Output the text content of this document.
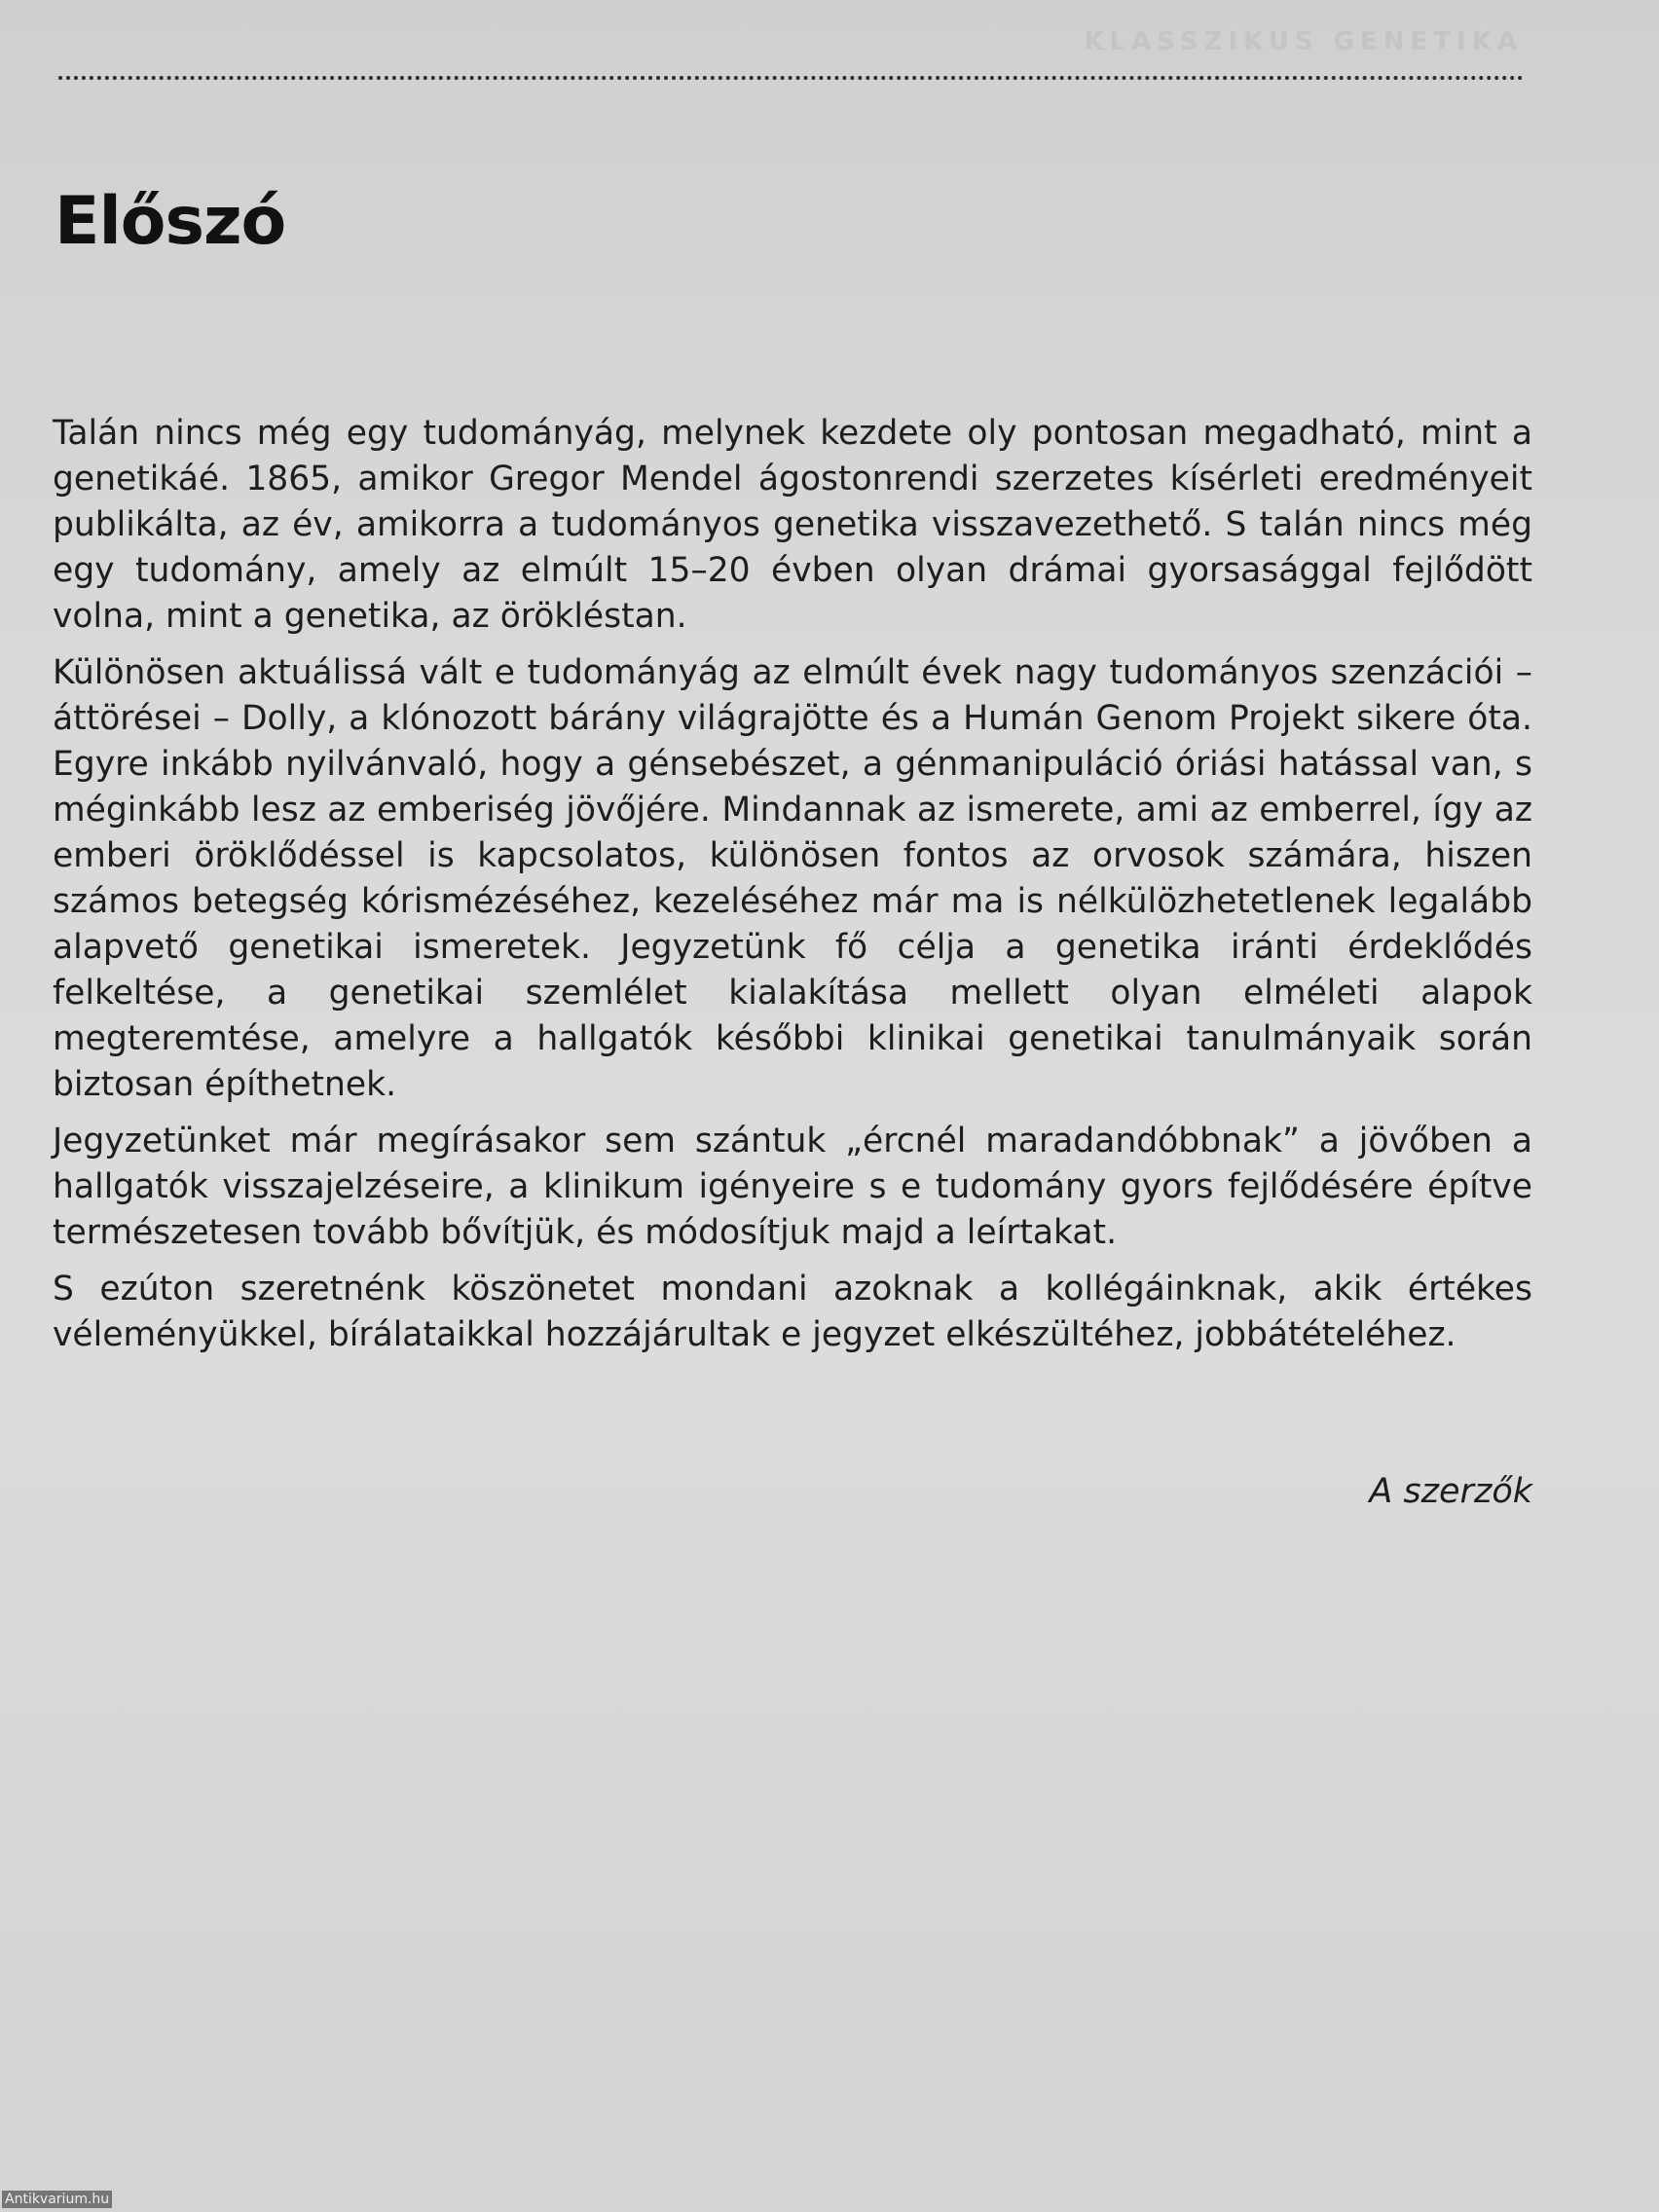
KLASSZIKUS GENETIKA
Előszó

Talán nincs még egy tudományág, melynek kezdete oly pontosan megadható, mint a genetikáé. 1865, amikor Gregor Mendel ágostonrendi szerzetes kísérleti eredményeit publikálta, az év, amikorra a tudományos genetika visszavezethető. S talán nincs még egy tudomány, amely az elmúlt 15–20 évben olyan drámai gyorsasággal fejlődött volna, mint a genetika, az örökléstan.

Különösen aktuálissá vált e tudományág az elmúlt évek nagy tudományos szenzációi – áttörései – Dolly, a klónozott bárány világrajötte és a Humán Genom Projekt sikere óta. Egyre inkább nyilvánvaló, hogy a génsebészet, a génmanipuláció óriási hatással van, s méginkább lesz az emberiség jövőjére. Mindannak az ismerete, ami az emberrel, így az emberi öröklődéssel is kapcsolatos, különösen fontos az orvosok számára, hiszen számos betegség kórismézéséhez, kezeléséhez már ma is nélkülözhetetlenek legalább alapvető genetikai ismeretek. Jegyzetünk fő célja a genetika iránti érdeklődés felkeltése, a genetikai szemlélet kialakítása mellett olyan elméleti alapok megteremtése, amelyre a hallgatók későbbi klinikai genetikai tanulmányaik során biztosan építhetnek.

Jegyzetünket már megírásakor sem szántuk „ércnél maradandóbbnak” a jövőben a hallgatók visszajelzéseire, a klinikum igényeire s e tudomány gyors fejlődésére építve természetesen tovább bővítjük, és módosítjuk majd a leírtakat.

S ezúton szeretnénk köszönetet mondani azoknak a kollégáinknak, akik értékes véleményükkel, bírálataikkal hozzájárultak e jegyzet elkészültéhez, jobbátételéhez.

A szerzők
Antikvarium.hu
